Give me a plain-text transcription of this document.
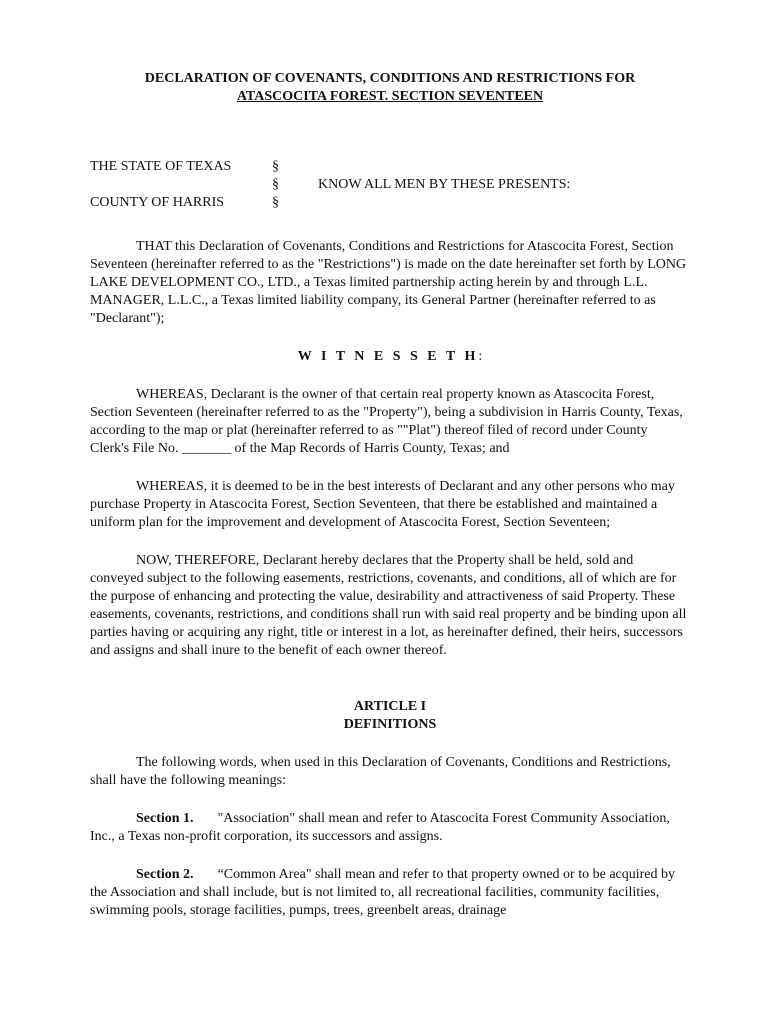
DECLARATION OF COVENANTS, CONDITIONS AND RESTRICTIONS FOR
ATASCOCITA FOREST. SECTION SEVENTEEN
THE STATE OF TEXAS	§
§
§
KNOW ALL MEN BY THESE PRESENTS:
COUNTY OF HARRIS

THAT this Declaration of Covenants, Conditions and Restrictions for Atascocita Forest, Section Seventeen (hereinafter referred to as the "Restrictions") is made on the date hereinafter set forth by LONG LAKE DEVELOPMENT CO., LTD., a Texas limited partnership acting herein by and through L.L. MANAGER, L.L.C., a Texas limited liability company, its General Partner (hereinafter referred to as "Declarant");

W I T N E S S E T H:

WHEREAS, Declarant is the owner of that certain real property known as Atascocita Forest, Section Seventeen (hereinafter referred to as the "Property"), being a subdivision in Harris County, Texas, according to the map or plat (hereinafter referred to as ""Plat") thereof filed of record under County Clerk's File No. _______ of the Map Records of Harris County, Texas; and

WHEREAS, it is deemed to be in the best interests of Declarant and any other persons who may purchase Property in Atascocita Forest, Section Seventeen, that there be established and maintained a uniform plan for the improvement and development of Atascocita Forest, Section Seventeen;

NOW, THEREFORE, Declarant hereby declares that the Property shall be held, sold and conveyed subject to the following easements, restrictions, covenants, and conditions, all of which are for the purpose of enhancing and protecting the value, desirability and attractiveness of said Property. These easements, covenants, restrictions, and conditions shall run with said real property and be binding upon all parties having or acquiring any right, title or interest in a lot, as hereinafter defined, their heirs, successors and assigns and shall inure to the benefit of each owner thereof.

ARTICLE I

DEFINITIONS

The following words, when used in this Declaration of Covenants, Conditions and Restrictions, shall have the following meanings:

Section 1. "Association" shall mean and refer to Atascocita Forest Community Association, Inc., a Texas non-profit corporation, its successors and assigns.

Section 2. “Common Area" shall mean and refer to that property owned or to be acquired by the Association and shall include, but is not limited to, all recreational facilities, community facilities, swimming pools, storage facilities, pumps, trees, greenbelt areas, drainage
